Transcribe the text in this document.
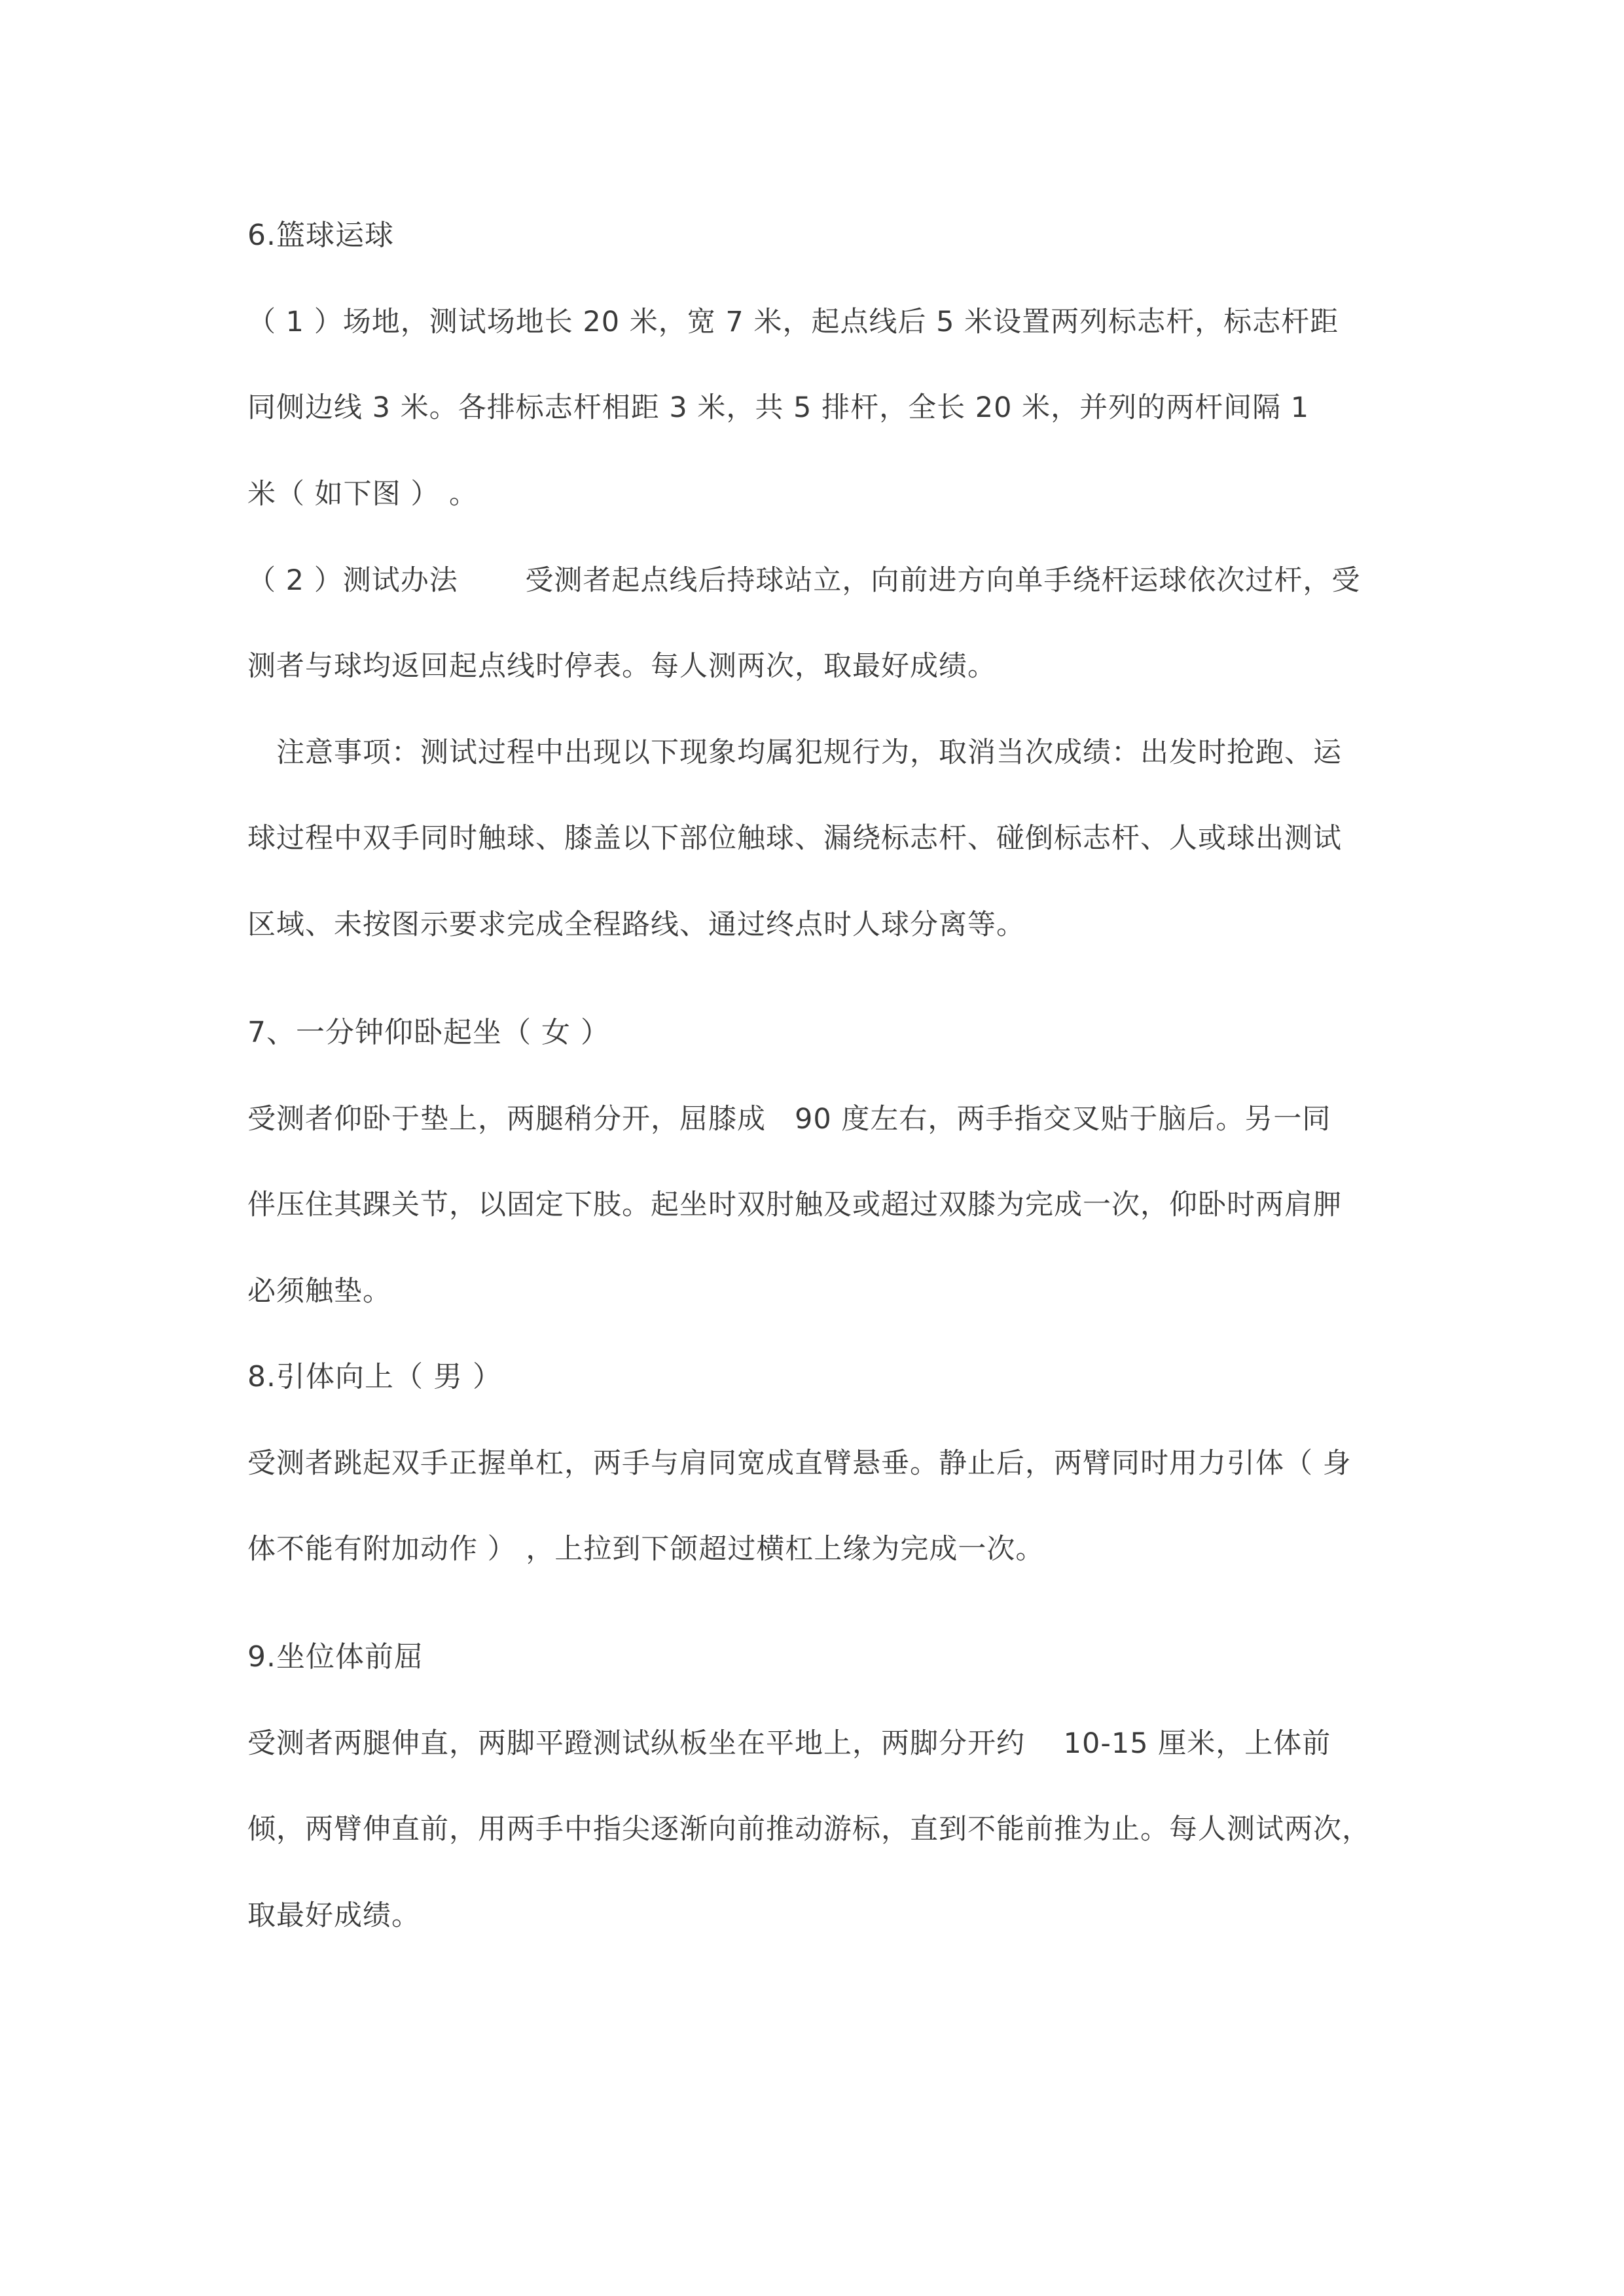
6.篮球运球
（ 1 ）场地，测试场地长 20 米，宽 7 米，起点线后 5 米设置两列标志杆，标志杆距
同侧边线 3 米。各排标志杆相距 3 米，共 5 排杆，全长 20 米，并列的两杆间隔 1
米（ 如下图 ） 。
（ 2 ）测试办法　　 受测者起点线后持球站立，向前进方向单手绕杆运球依次过杆，受
测者与球均返回起点线时停表。每人测两次，取最好成绩。
　注意事项：测试过程中出现以下现象均属犯规行为，取消当次成绩：出发时抢跑、运
球过程中双手同时触球、膝盖以下部位触球、漏绕标志杆、碰倒标志杆、人或球出测试
区域、未按图示要求完成全程路线、通过终点时人球分离等。
7、一分钟仰卧起坐（ 女 ）
受测者仰卧于垫上，两腿稍分开，屈膝成　90 度左右，两手指交叉贴于脑后。另一同
伴压住其踝关节，以固定下肢。起坐时双肘触及或超过双膝为完成一次，仰卧时两肩胛
必须触垫。
8.引体向上（ 男 ）
受测者跳起双手正握单杠，两手与肩同宽成直臂悬垂。静止后，两臂同时用力引体（ 身
体不能有附加动作 ） ，上拉到下颌超过横杠上缘为完成一次。
9.坐位体前屈
受测者两腿伸直，两脚平蹬测试纵板坐在平地上，两脚分开约　 10-15 厘米，上体前
倾，两臂伸直前，用两手中指尖逐渐向前推动游标，直到不能前推为止。每人测试两次，
取最好成绩。
